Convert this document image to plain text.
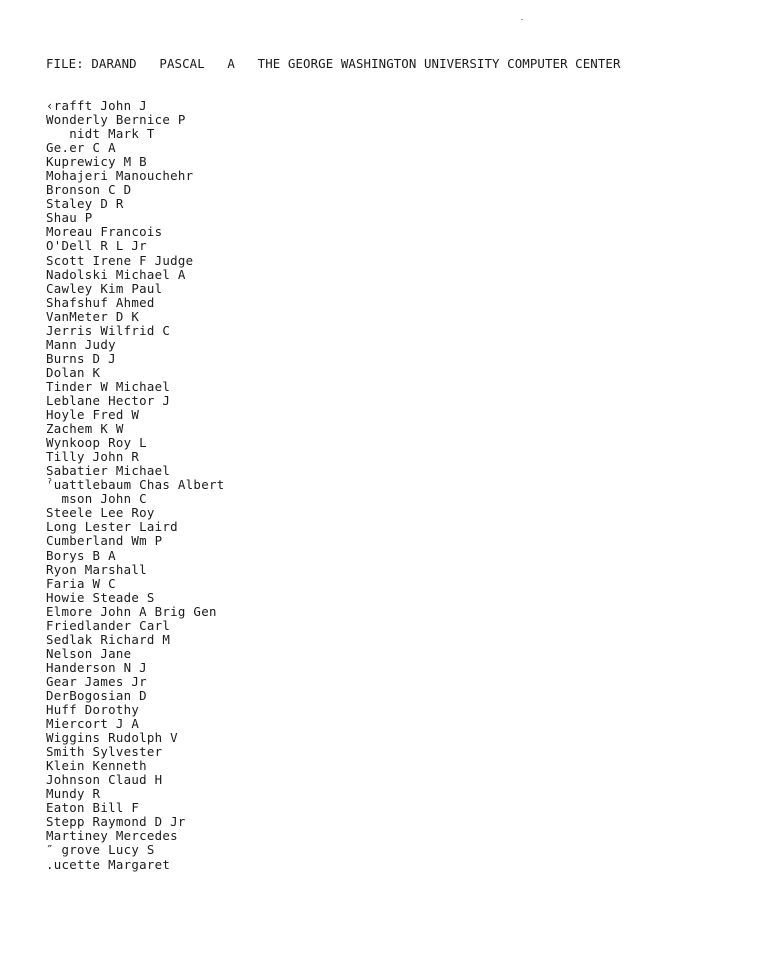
FILE: DARAND   PASCAL   A   THE GEORGE WASHINGTON UNIVERSITY COMPUTER CENTER
‹rafft John J
Wonderly Bernice P
nidt Mark T
Ge.er C A
Kuprewicy M B
Mohajeri Manouchehr
Bronson C D
Staley D R
Shau P
Moreau Francois
O'Dell R L Jr
Scott Irene F Judge
Nadolski Michael A
Cawley Kim Paul
Shafshuf Ahmed
VanMeter D K
Jerris Wilfrid C
Mann Judy
Burns D J
Dolan K
Tinder W Michael
Leblane Hector J
Hoyle Fred W
Zachem K W
Wynkoop Roy L
Tilly John R
Sabatier Michael
ˀuattlebaum Chas Albert
mson John C
Steele Lee Roy
Long Lester Laird
Cumberland Wm P
Borys B A
Ryon Marshall
Faria W C
Howie Steade S
Elmore John A Brig Gen
Friedlander Carl
Sedlak Richard M
Nelson Jane
Handerson N J
Gear James Jr
DerBogosian D
Huff Dorothy
Miercort J A
Wiggins Rudolph V
Smith Sylvester
Klein Kenneth
Johnson Claud H
Mundy R
Eaton Bill F
Stepp Raymond D Jr
Martiney Mercedes
″ grove Lucy S
.ucette Margaret
